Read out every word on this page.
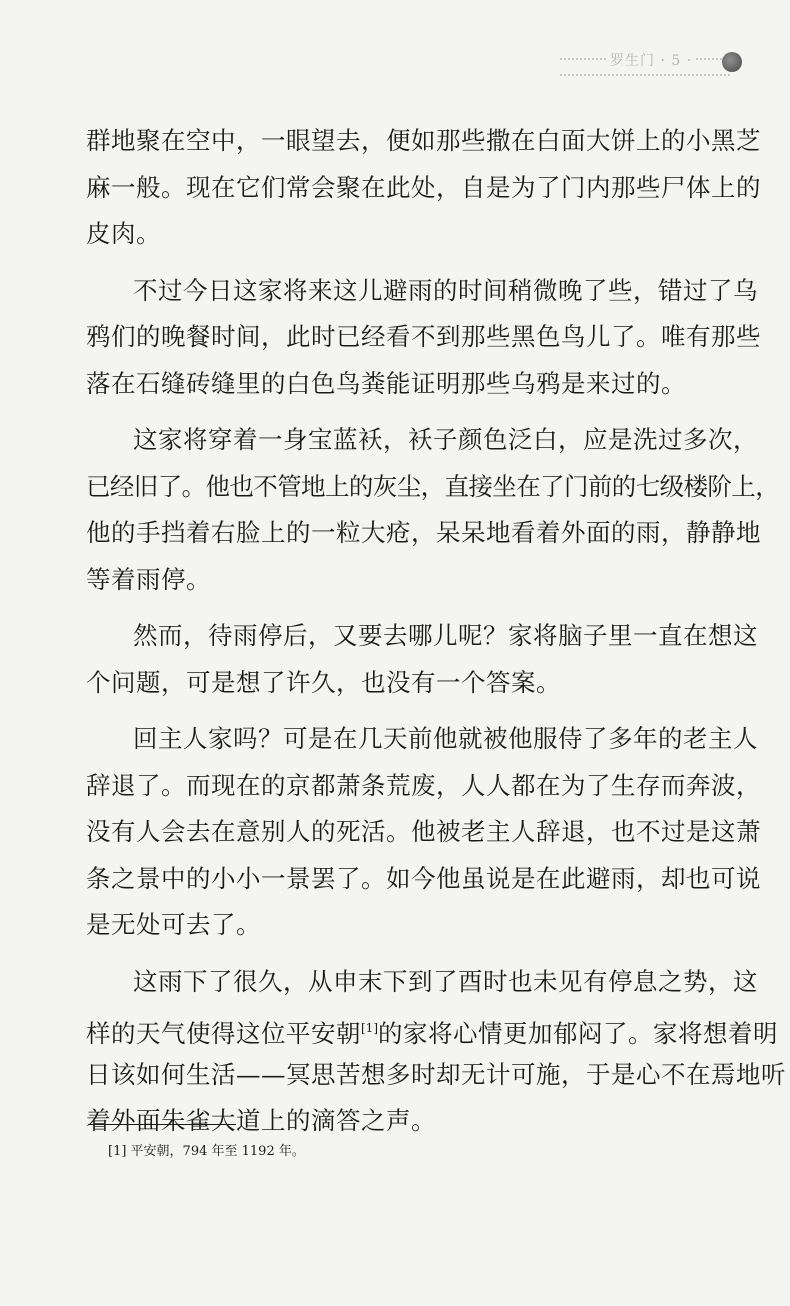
罗生门 · 5 ·
群地聚在空中，一眼望去，便如那些撒在白面大饼上的小黑芝
麻一般。现在它们常会聚在此处，自是为了门内那些尸体上的
皮肉。
不过今日这家将来这儿避雨的时间稍微晚了些，错过了乌
鸦们的晚餐时间，此时已经看不到那些黑色鸟儿了。唯有那些
落在石缝砖缝里的白色鸟粪能证明那些乌鸦是来过的。
这家将穿着一身宝蓝袄，袄子颜色泛白，应是洗过多次，
已经旧了。他也不管地上的灰尘，直接坐在了门前的七级楼阶上，
他的手挡着右脸上的一粒大疮，呆呆地看着外面的雨，静静地
等着雨停。
然而，待雨停后，又要去哪儿呢？家将脑子里一直在想这
个问题，可是想了许久，也没有一个答案。
回主人家吗？可是在几天前他就被他服侍了多年的老主人
辞退了。而现在的京都萧条荒废，人人都在为了生存而奔波，
没有人会去在意别人的死活。他被老主人辞退，也不过是这萧
条之景中的小小一景罢了。如今他虽说是在此避雨，却也可说
是无处可去了。
这雨下了很久，从申末下到了酉时也未见有停息之势，这
样的天气使得这位平安朝[1]的家将心情更加郁闷了。家将想着明
日该如何生活——冥思苦想多时却无计可施，于是心不在焉地听
着外面朱雀大道上的滴答之声。
[1] 平安朝，794 年至 1192 年。
